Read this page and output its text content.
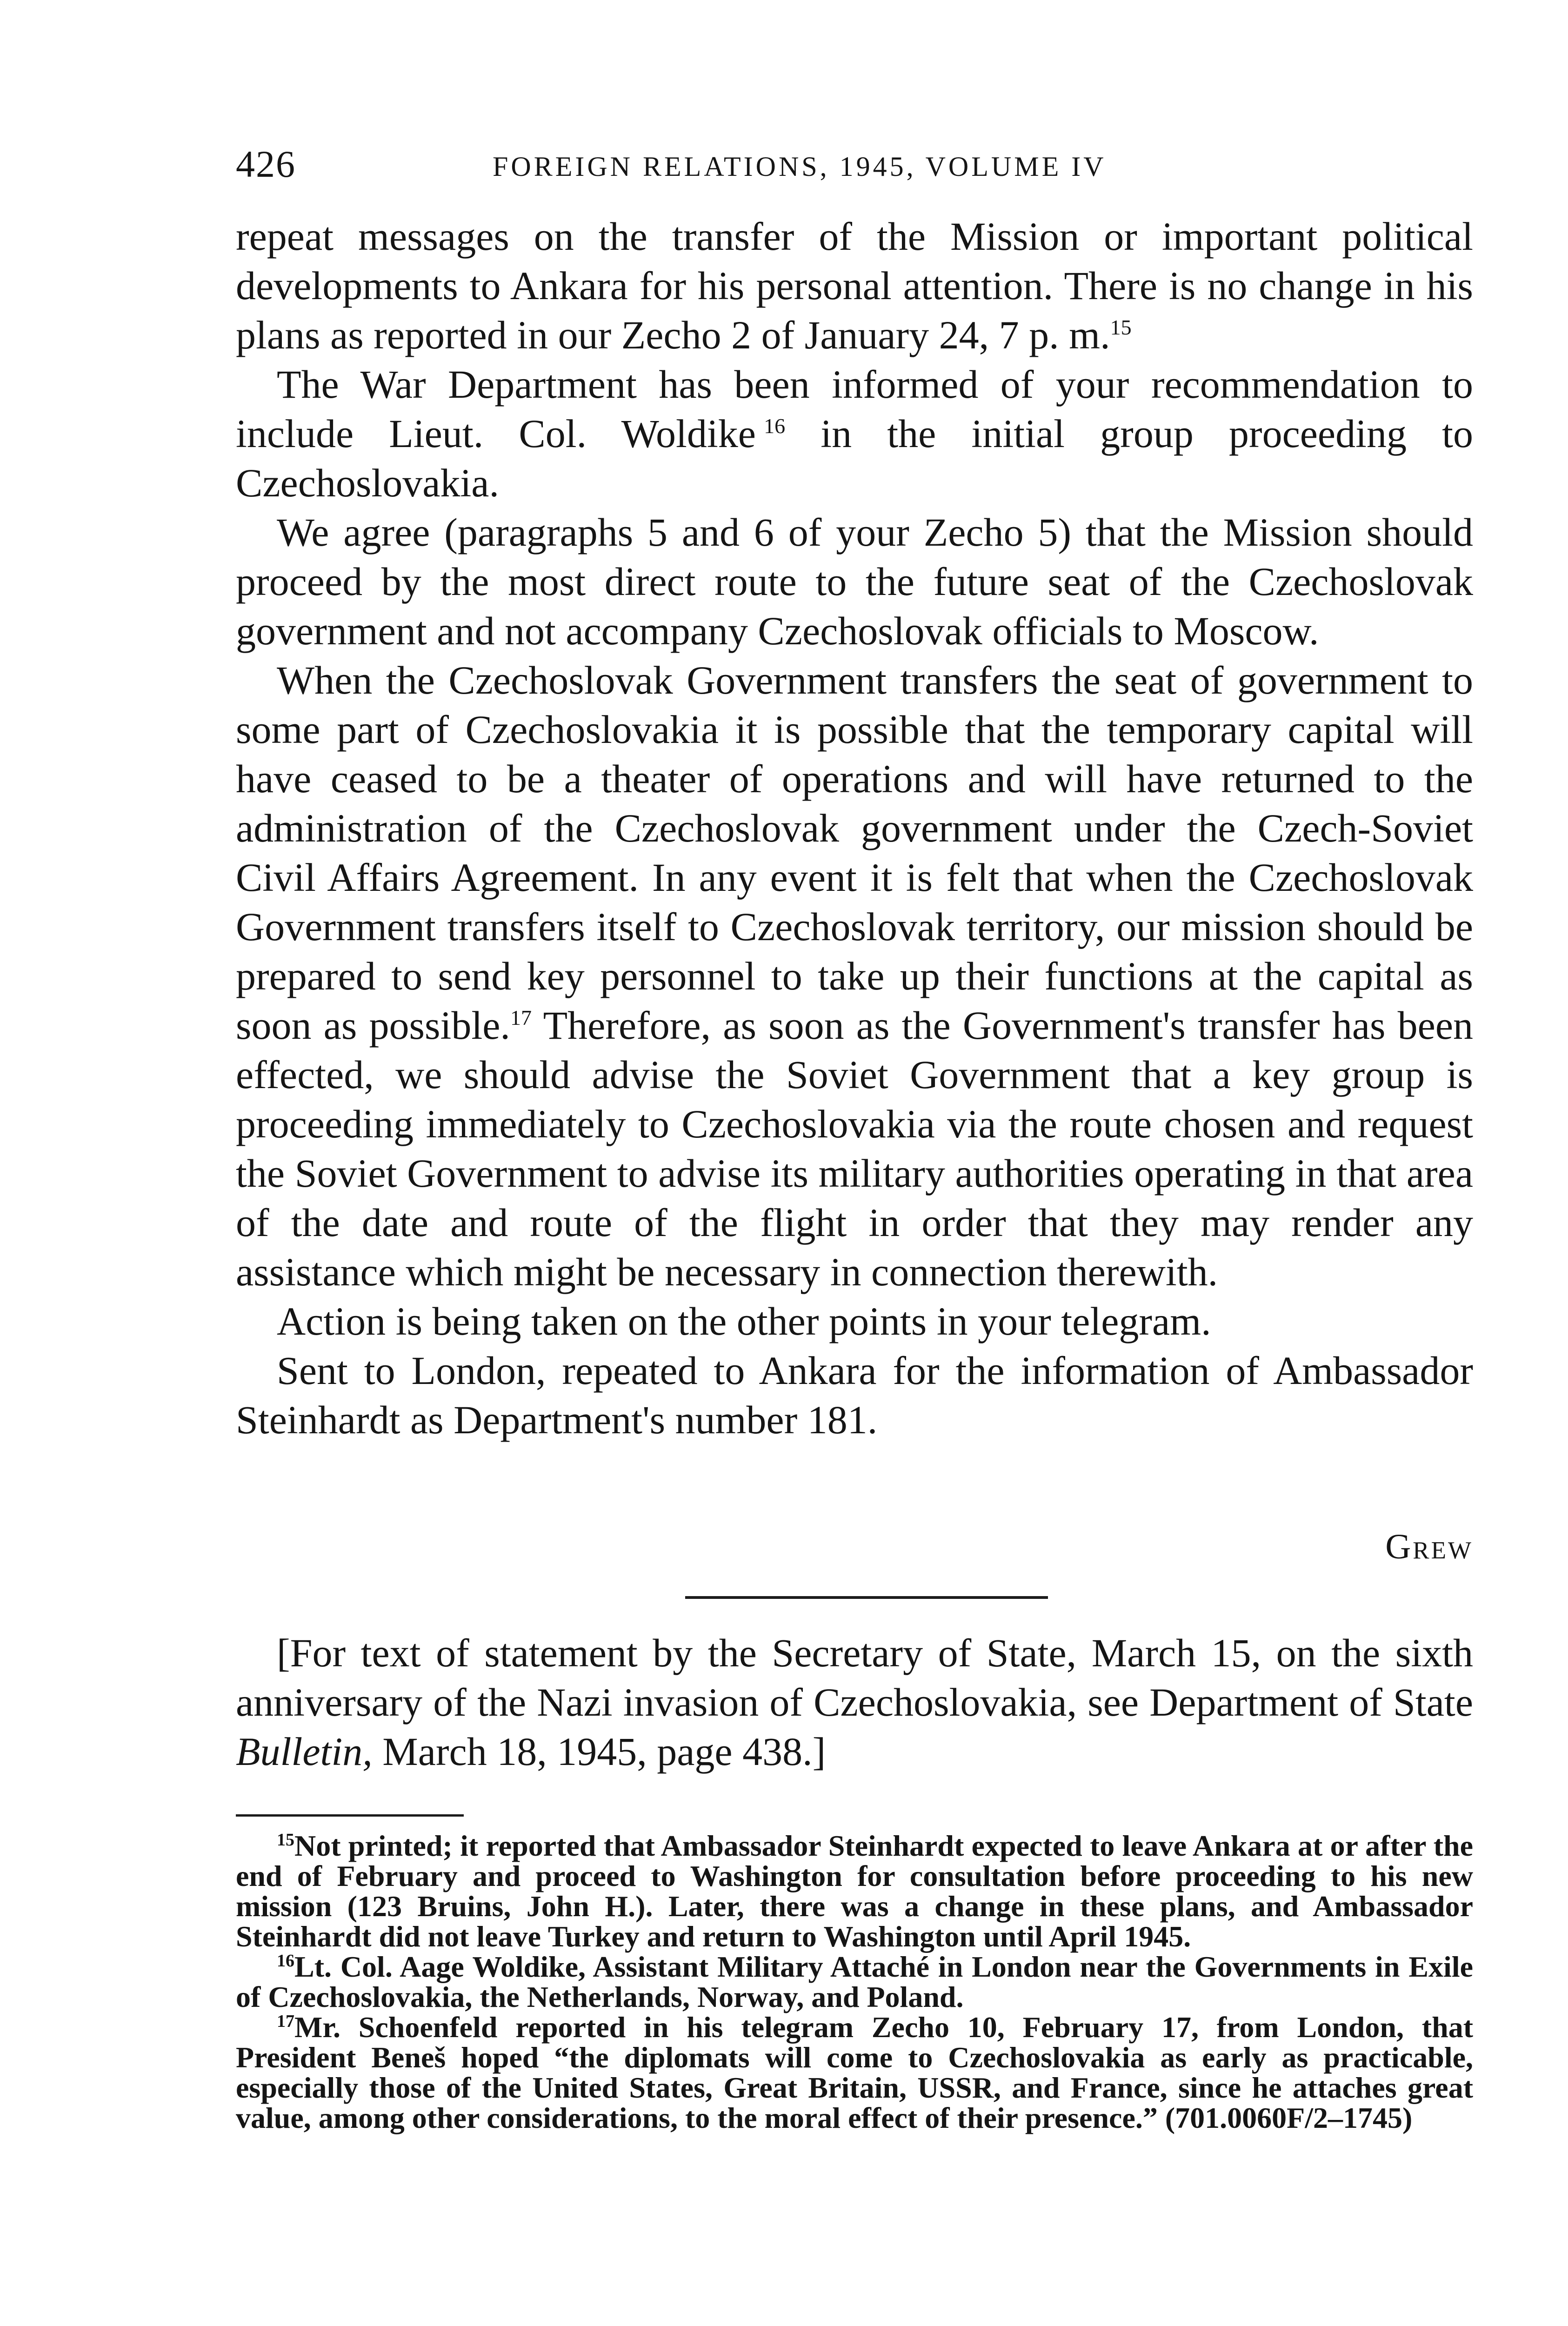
426	FOREIGN RELATIONS, 1945, VOLUME IV

repeat messages on the transfer of the Mission or important political developments to Ankara for his personal attention. There is no change in his plans as reported in our Zecho 2 of January 24, 7 p. m.$^{15}$

The War Department has been informed of your recommendation to include Lieut. Col. Woldike  $^{16}$ in the initial group proceeding to Czechoslovakia.

We agree (paragraphs 5 and 6 of your Zecho 5) that the Mission should proceed by the most direct route to the future seat of the Czechoslovak government and not accompany Czechoslovak officials to Moscow.

When the Czechoslovak Government transfers the seat of government to some part of Czechoslovakia it is possible that the temporary capital will have ceased to be a theater of operations and will have returned to the administration of the Czechoslovak government under the Czech-Soviet Civil Affairs Agreement. In any event it is felt that when the Czechoslovak Government transfers itself to Czechoslovak territory, our mission should be prepared to send key personnel to take up their functions at the capital as soon as possible.$^{17}$ Therefore, as soon as the Government's transfer has been effected, we should advise the Soviet Government that a key group is proceeding immediately to Czechoslovakia via the route chosen and request the Soviet Government to advise its military authorities operating in that area of the date and route of the flight in order that they may render any assistance which might be necessary in connection therewith.

Action is being taken on the other points in your telegram.

Sent to London, repeated to Ankara for the information of Ambassador Steinhardt as Department's number 181.

Grew

[For text of statement by the Secretary of State, March 15, on the sixth anniversary of the Nazi invasion of Czechoslovakia, see Department of State Bulletin, March 18, 1945, page 438.]

$^{15}$Not printed; it reported that Ambassador Steinhardt expected to leave Ankara at or after the end of February and proceed to Washington for consultation before proceeding to his new mission (123 Bruins, John H.). Later, there was a change in these plans, and Ambassador Steinhardt did not leave Turkey and return to Washington until April 1945.

$^{16}$Lt. Col. Aage Woldike, Assistant Military Attaché in London near the Governments in Exile of Czechoslovakia, the Netherlands, Norway, and Poland.

$^{17}$Mr. Schoenfeld reported in his telegram Zecho 10, February 17, from London, that President Beneš hoped “the diplomats will come to Czechoslovakia as early as practicable, especially those of the United States, Great Britain, USSR, and France, since he attaches great value, among other considerations, to the moral effect of their presence.” (701.0060F/2–1745)
